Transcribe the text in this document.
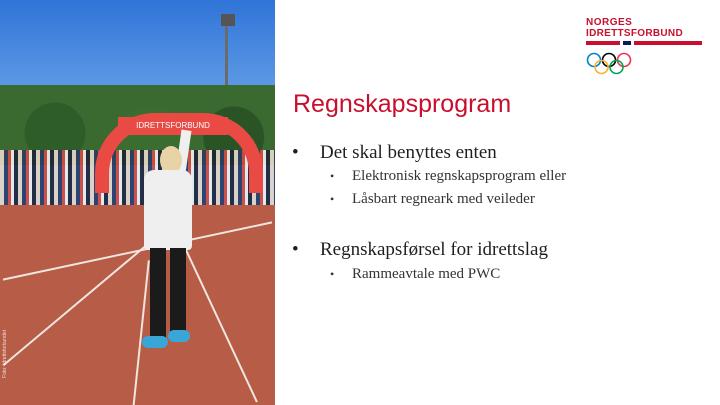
IDRETTSFORBUND
Foto: Idrettsforbundet
NORGES
IDRETTSFORBUND
Regnskapsprogram
• Det skal benyttes enten
• Elektronisk regnskapsprogram eller
• Låsbart regneark med veileder
• Regnskapsførsel for idrettslag
• Rammeavtale med PWC
